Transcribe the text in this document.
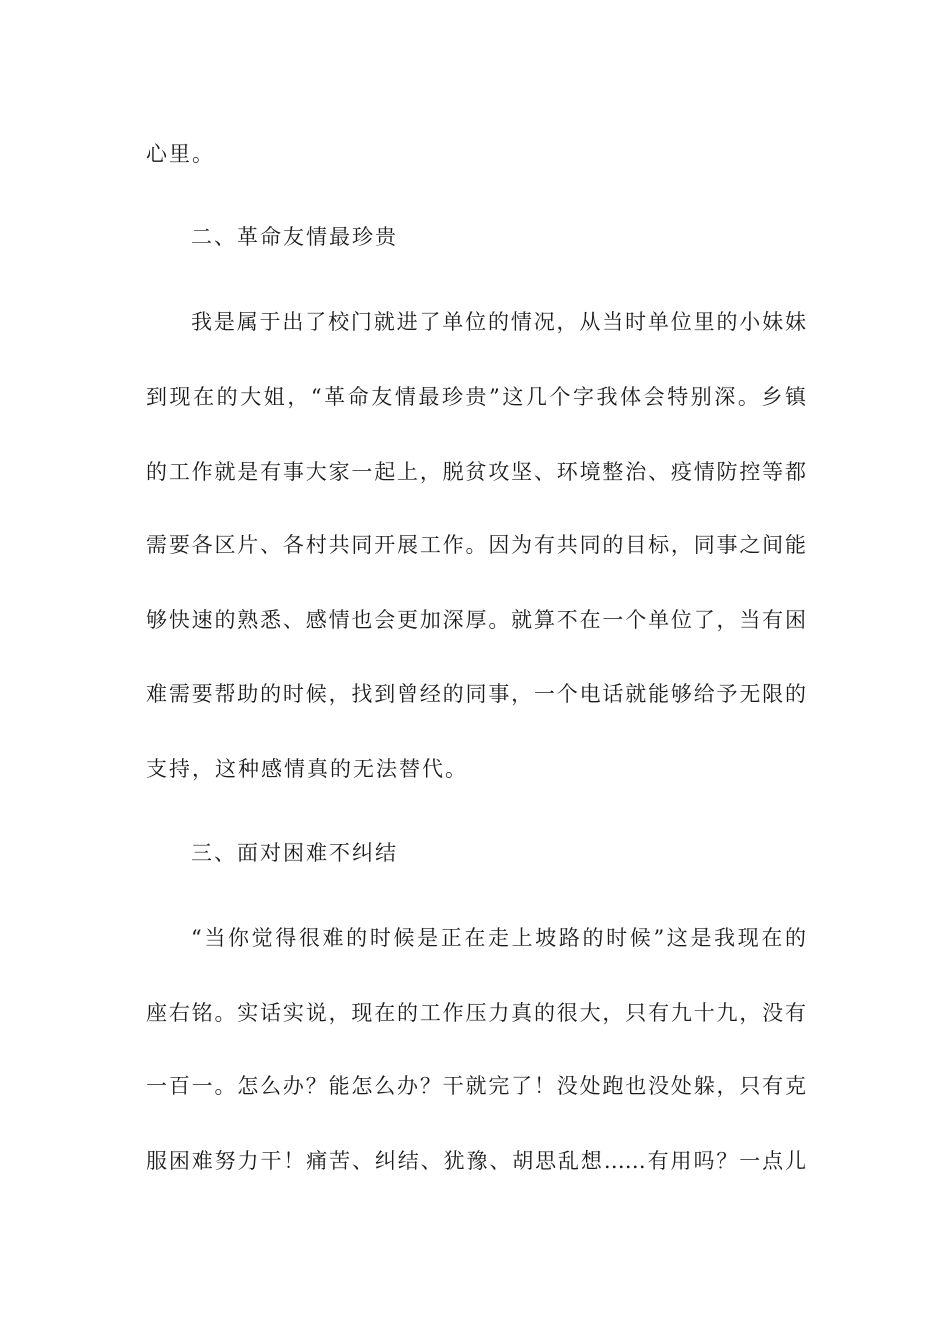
心里。
二、革命友情最珍贵
我是属于出了校门就进了单位的情况，从当时单位里的小妹妹
到现在的大姐，“革命友情最珍贵”这几个字我体会特别深。乡镇
的工作就是有事大家一起上，脱贫攻坚、环境整治、疫情防控等都
需要各区片、各村共同开展工作。因为有共同的目标，同事之间能
够快速的熟悉、感情也会更加深厚。就算不在一个单位了，当有困
难需要帮助的时候，找到曾经的同事，一个电话就能够给予无限的
支持，这种感情真的无法替代。
三、面对困难不纠结
“当你觉得很难的时候是正在走上坡路的时候”这是我现在的
座右铭。实话实说，现在的工作压力真的很大，只有九十九，没有
一百一。怎么办？能怎么办？干就完了！没处跑也没处躲，只有克
服困难努力干！痛苦、纠结、犹豫、胡思乱想……有用吗？一点儿
